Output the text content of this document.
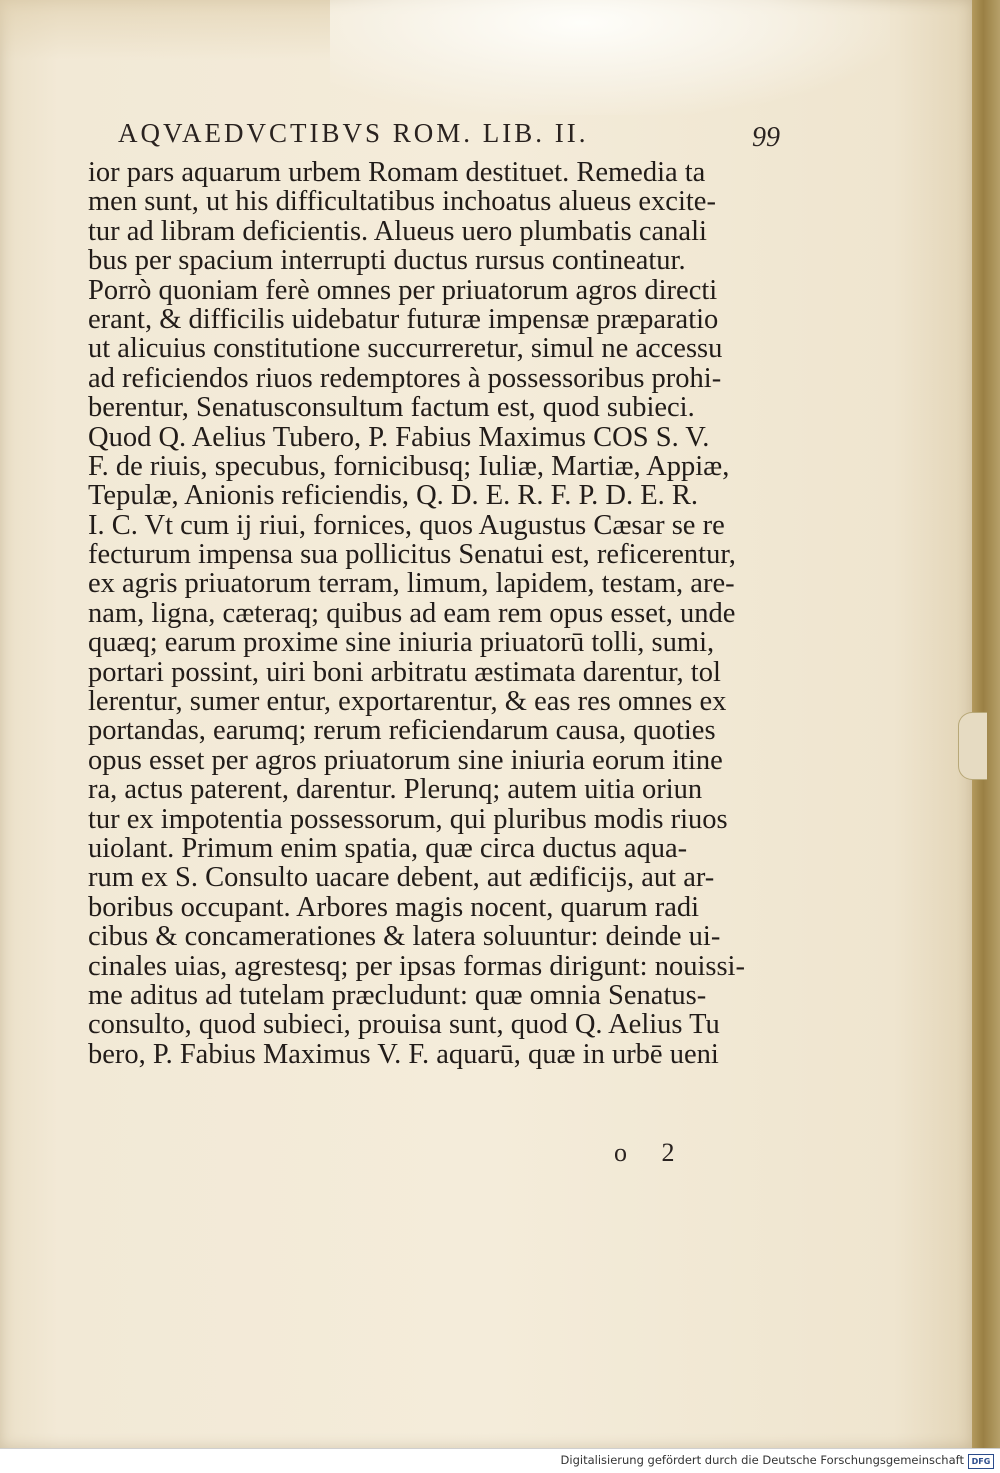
AQVAEDVCTIBVS ROM. LIB. II.	99
ior pars aquarum urbem Romam destituet. Remedia ta
men sunt, ut his difficultatibus inchoatus alueus excite-
tur ad libram deficientis. Alueus uero plumbatis canali
bus per spacium interrupti ductus rursus contineatur.
Porrò quoniam ferè omnes per priuatorum agros directi
erant, & difficilis uidebatur futuræ impensæ præparatio
ut alicuius constitutione succurreretur, simul ne accessu
ad reficiendos riuos redemptores à possessoribus prohi-
berentur, Senatusconsultum factum est, quod subieci.
Quod Q. Aelius Tubero, P. Fabius Maximus COS S. V.
F. de riuis, specubus, fornicibusq; Iuliæ, Martiæ, Appiæ,
Tepulæ, Anionis reficiendis, Q. D. E. R. F. P. D. E. R.
I. C. Vt cum ij riui, fornices, quos Augustus Cæsar se re
fecturum impensa sua pollicitus Senatui est, reficerentur,
ex agris priuatorum terram, limum, lapidem, testam, are-
nam, ligna, cæteraq; quibus ad eam rem opus esset, unde
quæq; earum proxime sine iniuria priuatorū tolli, sumi,
portari possint, uiri boni arbitratu æstimata darentur, tol
lerentur, sumer entur, exportarentur, & eas res omnes ex
portandas, earumq; rerum reficiendarum causa, quoties
opus esset per agros priuatorum sine iniuria eorum itine
ra, actus paterent, darentur. Plerunq; autem uitia oriun
tur ex impotentia possessorum, qui pluribus modis riuos
uiolant. Primum enim spatia, quæ circa ductus aqua-
rum ex S. Consulto uacare debent, aut ædificijs, aut ar-
boribus occupant. Arbores magis nocent, quarum radi
cibus & concamerationes & latera soluuntur: deinde ui-
cinales uias, agrestesq; per ipsas formas dirigunt: nouissi-
me aditus ad tutelam præcludunt: quæ omnia Senatus-
consulto, quod subieci, prouisa sunt, quod Q. Aelius Tu
bero, P. Fabius Maximus V. F. aquarū, quæ in urbē ueni
o 2
Digitalisierung gefördert durch die Deutsche Forschungsgemeinschaft DFG
